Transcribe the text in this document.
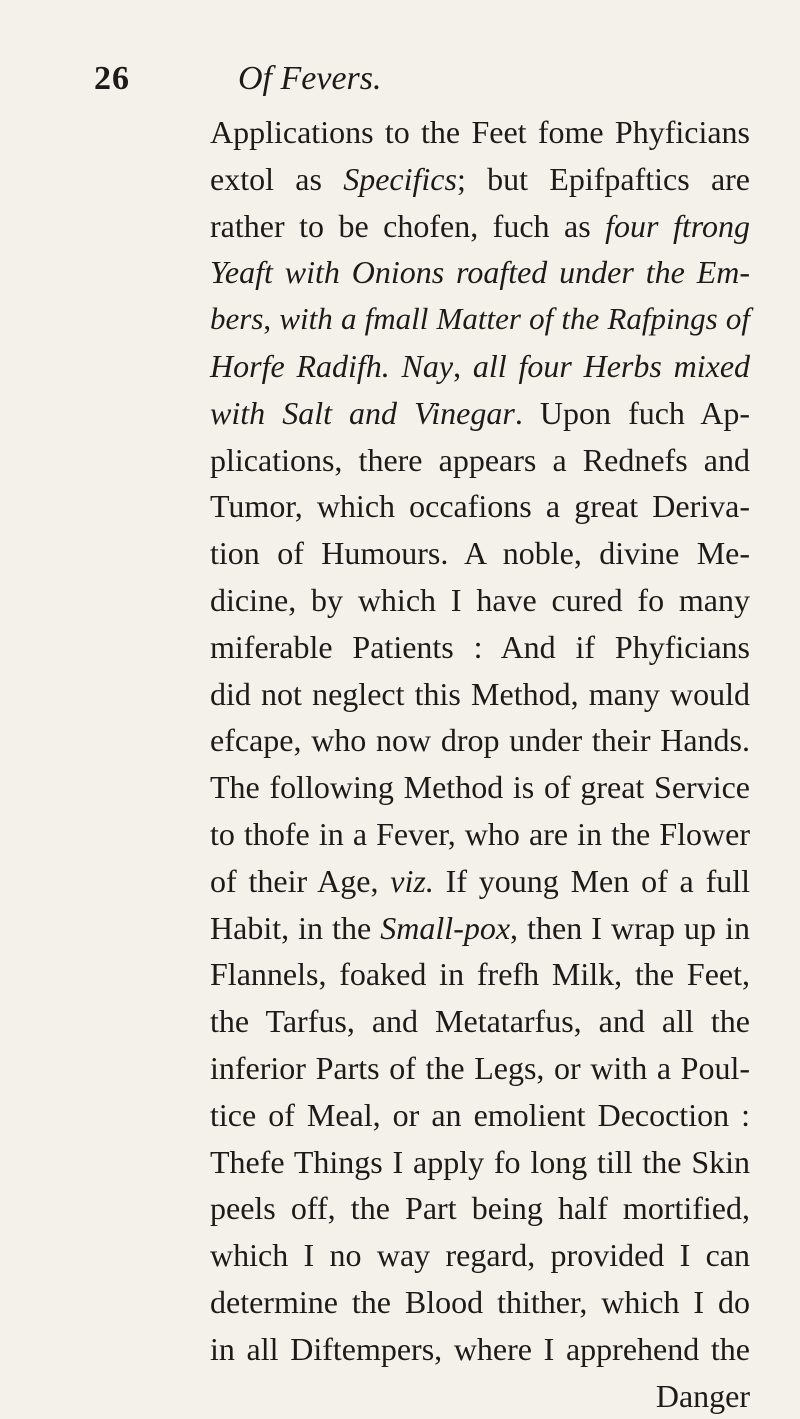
26	Of Fevers.
Applications to the Feet fome Phyficians
extol as Specifics; but Epifpaftics are
rather to be chofen, fuch as four ftrong
Yeaft with Onions roafted under the Em-
bers, with a fmall Matter of the Rafpings of
Horfe Radifh. Nay, all four Herbs mixed
with Salt and Vinegar. Upon fuch Ap-
plications, there appears a Rednefs and
Tumor, which occafions a great Deriva-
tion of Humours. A noble, divine Me-
dicine, by which I have cured fo many
miferable Patients : And if Phyficians
did not neglect this Method, many would
efcape, who now drop under their Hands.
The following Method is of great Service
to thofe in a Fever, who are in the Flower
of their Age, viz. If young Men of a full
Habit, in the Small-pox, then I wrap up in
Flannels, foaked in frefh Milk, the Feet,
the Tarfus, and Metatarfus, and all the
inferior Parts of the Legs, or with a Poul-
tice of Meal, or an emolient Decoction :
Thefe Things I apply fo long till the Skin
peels off, the Part being half mortified,
which I no way regard, provided I can
determine the Blood thither, which I do
in all Diftempers, where I apprehend the
Danger
